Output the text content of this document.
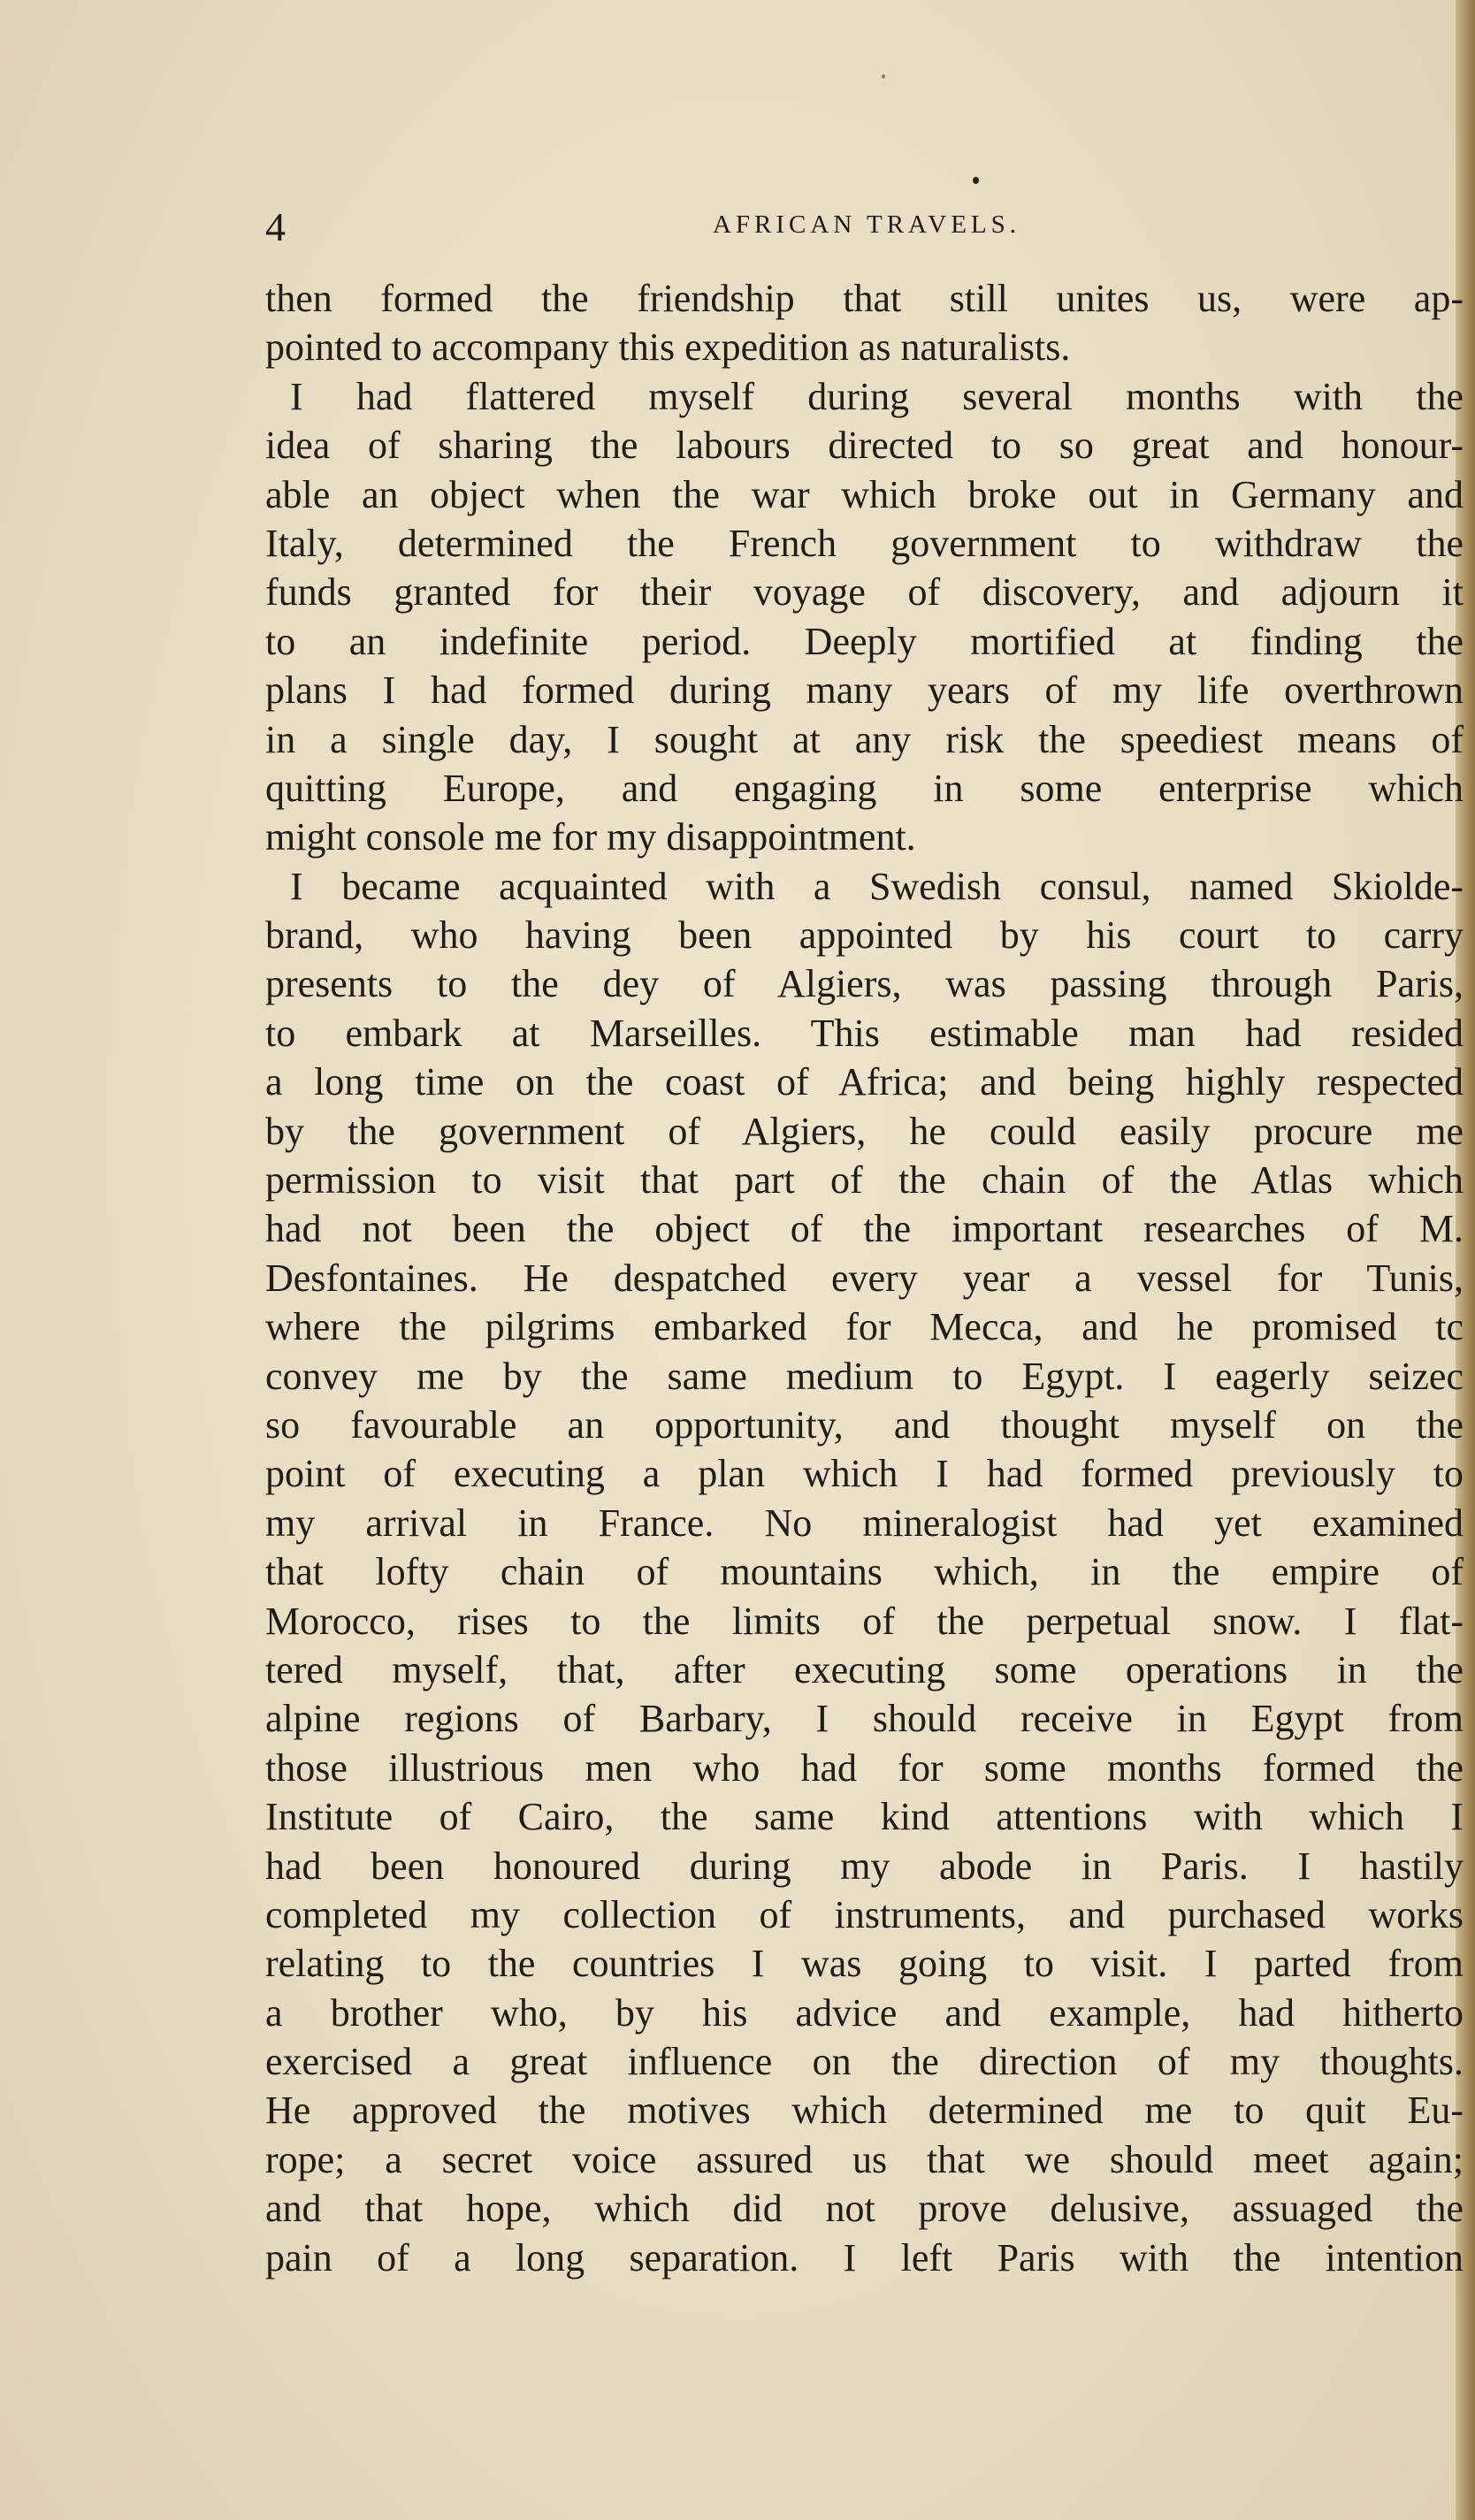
4	AFRICAN TRAVELS.
then formed the friendship that still unites us, were ap-
pointed to accompany this expedition as naturalists.
I had flattered myself during several months with the
idea of sharing the labours directed to so great and honour-
able an object when the war which broke out in Germany and
Italy, determined the French government to withdraw the
funds granted for their voyage of discovery, and adjourn it
to an indefinite period. Deeply mortified at finding the
plans I had formed during many years of my life overthrown
in a single day, I sought at any risk the speediest means of
quitting Europe, and engaging in some enterprise which
might console me for my disappointment.
I became acquainted with a Swedish consul, named Skiolde-
brand, who having been appointed by his court to carry
presents to the dey of Algiers, was passing through Paris,
to embark at Marseilles. This estimable man had resided
a long time on the coast of Africa; and being highly respected
by the government of Algiers, he could easily procure me
permission to visit that part of the chain of the Atlas which
had not been the object of the important researches of M.
Desfontaines. He despatched every year a vessel for Tunis,
where the pilgrims embarked for Mecca, and he promised tc
convey me by the same medium to Egypt. I eagerly seizec
so favourable an opportunity, and thought myself on the
point of executing a plan which I had formed previously to
my arrival in France. No mineralogist had yet examined
that lofty chain of mountains which, in the empire of
Morocco, rises to the limits of the perpetual snow. I flat-
tered myself, that, after executing some operations in the
alpine regions of Barbary, I should receive in Egypt from
those illustrious men who had for some months formed the
Institute of Cairo, the same kind attentions with which I
had been honoured during my abode in Paris. I hastily
completed my collection of instruments, and purchased works
relating to the countries I was going to visit. I parted from
a brother who, by his advice and example, had hitherto
exercised a great influence on the direction of my thoughts.
He approved the motives which determined me to quit Eu-
rope; a secret voice assured us that we should meet again;
and that hope, which did not prove delusive, assuaged the
pain of a long separation. I left Paris with the intention
